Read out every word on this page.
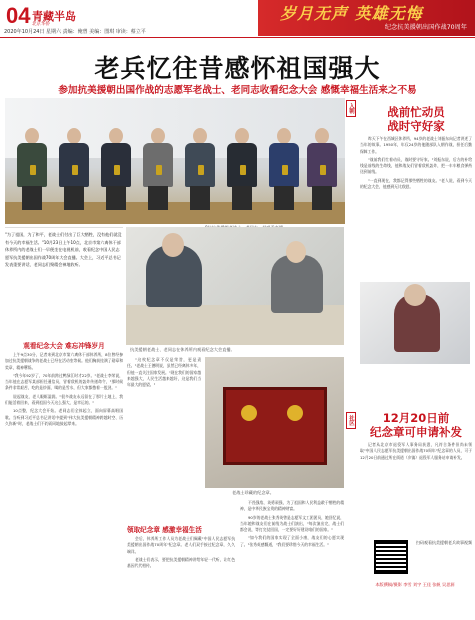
04 青藏半岛
北京华侨
2020年10月24日 星期六 责编：俺曾 美编：图琪 审读：蔡立平
岁月无声 英雄无悔
纪念抗美援朝出国作战70周年
老兵忆往昔感怀祖国强大
参加抗美援朝出国作战的志愿军老战士、老同志收看纪念大会 感慨幸福生活来之不易
"为了祖国，为了和平，老战士们付出了巨大牺牲，没有他们就没有今天的幸福生活。"10月23日上午10点，北京市第六离休干部休养所内的老战士们一早便坐在电视机前，收看纪念中国人民志愿军抗美援朝出国作战70周年大会直播。大会上，习近平总书记发表重要讲话，老同志们聚精会神地收听。
抗美援朝老战士、老同志在休养所内观看纪念大会直播。
观看纪念大会 难忘冲锋岁月

上午9点30分，记者来到北京市第六离休干部休养所，8位曾经参加过抗美援朝战争的老战士已经在活动室等候。他们胸前挂满了勋章和奖章，精神矍铄。

"我今年92岁了，70年前跨过鸭绿江时才22岁。"老战士李荣说，当年他在志愿军某部担任通信员，冒着敌机的轰炸传递命令，"那时候条件非常艰苦，吃的是炒面，喝的是雪水，但大家都憋着一股劲。"

说起战友，老人眼眶湿润。"很多战友永远留在了那片土地上，我们能活着回来，看到祖国今天这么强大，是幸运的。"

10点整，纪念大会开始。老同志们全体起立，面向屏幕高唱国歌。当听到习近平总书记讲话中提到"伟大抗美援朝精神跨越时空、历久弥新"时，老战士们不约而同地鼓起掌来。

"这枚纪念章不仅是荣誉，更是责任。"老战士王德明说，虽然已经离休多年，但他一直关注国家发展。"现在我们的国家越来越强大，人民生活越来越好，这是我们当年最大的愿望。"

老战士珍藏的纪念章。
领取纪念章 感激幸福生活

会后，休养所工作人员为老战士们佩戴"中国人民志愿军抗美援朝出国作战70周年"纪念章。老人们双手接过纪念章，久久端详。

老战士们表示，要把抗美援朝精神讲给年轻一代听，让红色基因代代相传。

不畏强敌、英勇顽强，为了祖国和人民利益敢于牺牲的精神，是中华民族宝贵的精神财富。

90岁的老战士张秀英曾是志愿军文工团团员，她回忆说，当年她和战友们在前线为战士们演出，"每次演出完，战士们都会说，等打完仗回国，一定要好好建设咱们的国家。"

"如今我们的国家实现了全面小康，战友们的心愿实现了。"张秀英感慨道，"我们要珍惜今天的幸福生活。"

入朝	战前忙动员
战时守好家

昨天下午在西城区休养所，94岁的老战士刘振东向记者讲述了当年的故事。1950年，年仅24岁的他随部队入朝作战，担任后勤保障工作。

"战前我们忙着动员，战时要守好家。"刘振东说，后方的补给线是前线的生命线，他和战友们冒着敌机轰炸，把一车车粮食弹药送到前线。

"一直到现在，我都记得那些牺牲的战友。"老人说，看到今天的纪念大会，他感到无比欣慰。

社区	12月20日前
纪念章可申请补发

记者从北京市退役军人事务局获悉，凡符合条件但尚未领取"中国人民志愿军抗美援朝出国作战70周年"纪念章的人员，可于12月20日前通过所在街道（乡镇）退役军人服务站申请补发。

扫码观看抗美援朝老兵故事视频
本版撰稿/摄影 李雪 刘宇 王佳 张帆 吴思源
